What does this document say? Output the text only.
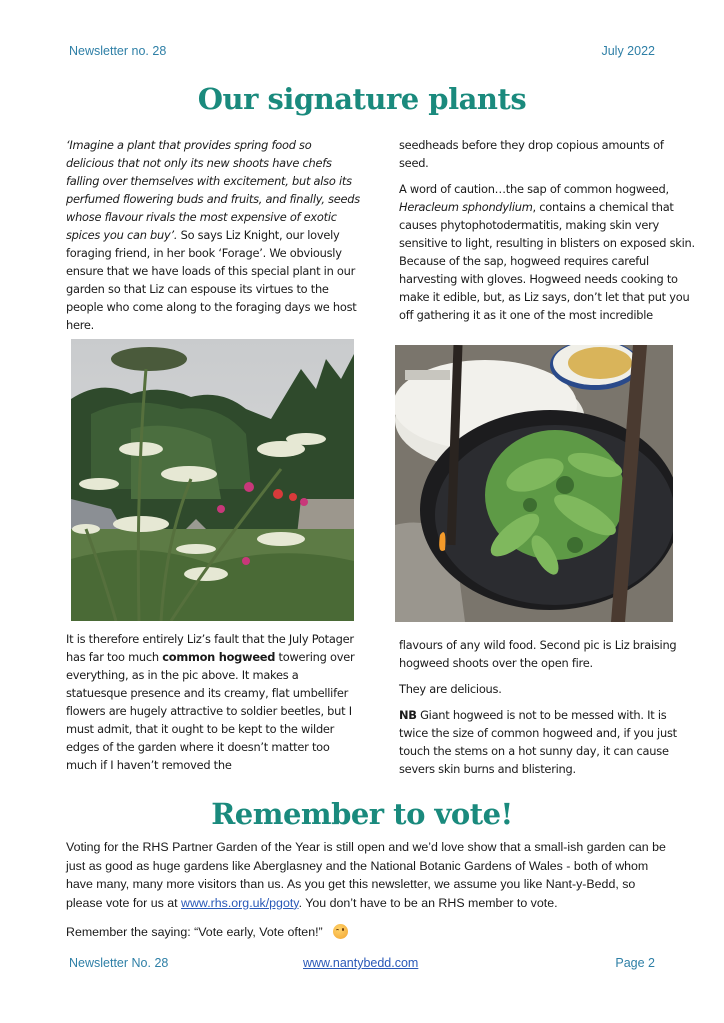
Newsletter no. 28	July 2022
Our signature plants

‘Imagine a plant that provides spring food so delicious that not only its new shoots have chefs falling over themselves with excitement, but also its perfumed flowering buds and fruits, and finally, seeds whose flavour rivals the most expensive of exotic spices you can buy’. So says Liz Knight, our lovely foraging friend, in her book ‘Forage’. We obviously ensure that we have loads of this special plant in our garden so that Liz can espouse its virtues to the people who come along to the foraging days we host here.

seedheads before they drop copious amounts of seed.

A word of caution…the sap of common hogweed, Heracleum sphondylium, contains a chemical that causes phytophotodermatitis, making skin very sensitive to light, resulting in blisters on exposed skin. Because of the sap, hogweed requires careful harvesting with gloves. Hogweed needs cooking to make it edible, but, as Liz says, don’t let that put you off gathering it as it one of the most incredible

It is therefore entirely Liz’s fault that the July Potager has far too much common hogweed towering over everything, as in the pic above. It makes a statuesque presence and its creamy, flat umbellifer flowers are hugely attractive to soldier beetles, but I must admit, that it ought to be kept to the wilder edges of the garden where it doesn’t matter too much if I haven’t removed the

flavours of any wild food. Second pic is Liz braising hogweed shoots over the open fire.

They are delicious.

NB Giant hogweed is not to be messed with. It is twice the size of common hogweed and, if you just touch the stems on a hot sunny day, it can cause severs skin burns and blistering.

Remember to vote!

Voting for the RHS Partner Garden of the Year is still open and we’d love show that a small-ish garden can be just as good as huge gardens like Aberglasney and the National Botanic Gardens of Wales - both of whom have many, many more visitors than us. As you get this newsletter, we assume you like Nant-y-Bedd, so please vote for us at www.rhs.org.uk/pgoty. You don’t have to be an RHS member to vote.

Remember the saying: “Vote early, Vote often!”

Newsletter No. 28	www.nantybedd.com	Page 2
